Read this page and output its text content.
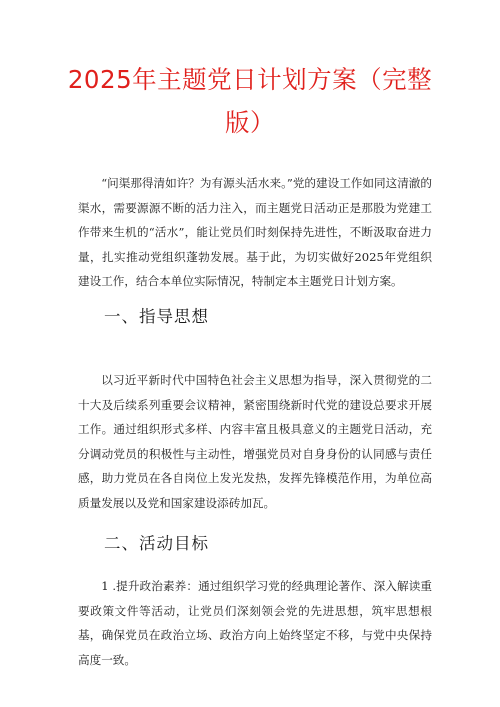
2025年主题党日计划方案（完整版）

“问渠那得清如许？为有源头活水来。”党的建设工作如同这清澈的渠水，需要源源不断的活力注入，而主题党日活动正是那股为党建工作带来生机的“活水”，能让党员们时刻保持先进性，不断汲取奋进力量，扎实推动党组织蓬勃发展。基于此，为切实做好2025年党组织建设工作，结合本单位实际情况，特制定本主题党日计划方案。

一、指导思想

以习近平新时代中国特色社会主义思想为指导，深入贯彻党的二十大及后续系列重要会议精神，紧密围绕新时代党的建设总要求开展工作。通过组织形式多样、内容丰富且极具意义的主题党日活动，充分调动党员的积极性与主动性，增强党员对自身身份的认同感与责任感，助力党员在各自岗位上发光发热，发挥先锋模范作用，为单位高质量发展以及党和国家建设添砖加瓦。

二、活动目标

1 .提升政治素养：通过组织学习党的经典理论著作、深入解读重要政策文件等活动，让党员们深刻领会党的先进思想，筑牢思想根基，确保党员在政治立场、政治方向上始终坚定不移，与党中央保持高度一致。
